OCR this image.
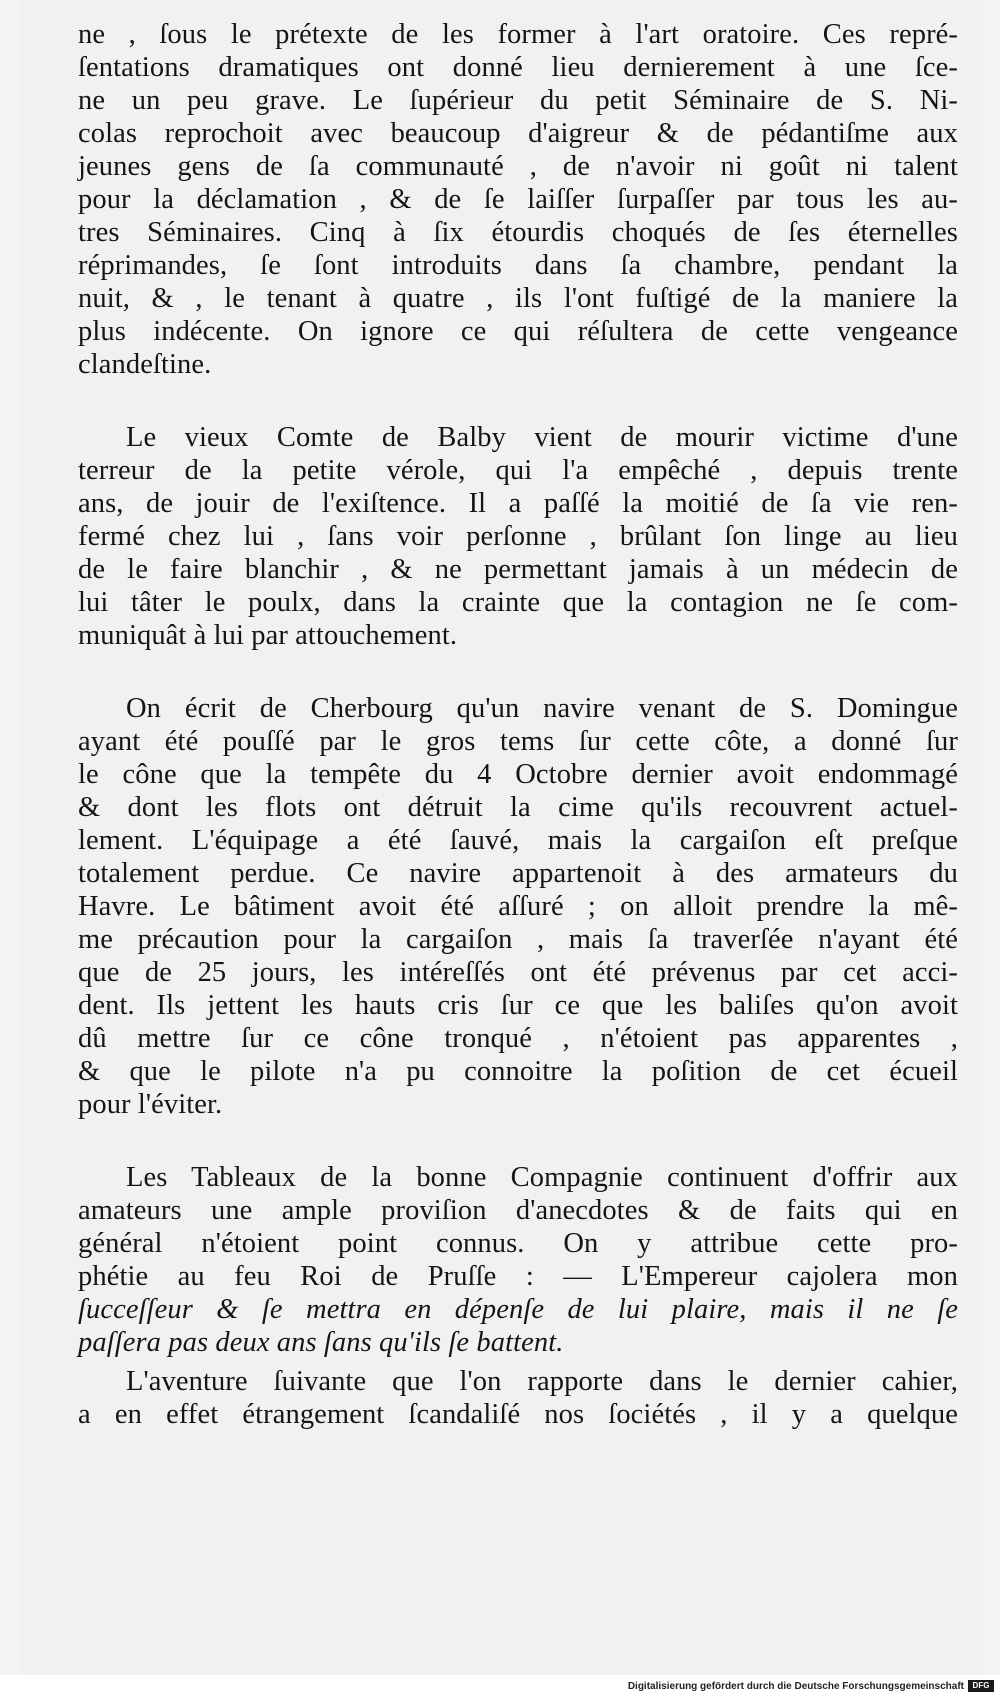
ne , ſous le prétexte de les former à l'art oratoire. Ces repré-
ſentations dramatiques ont donné lieu dernierement à une ſce-
ne un peu grave. Le ſupérieur du petit Séminaire de S. Ni-
colas reprochoit avec beaucoup d'aigreur & de pédantiſme aux
jeunes gens de ſa communauté , de n'avoir ni goût ni talent
pour la déclamation , & de ſe laiſſer ſurpaſſer par tous les au-
tres Séminaires. Cinq à ſix étourdis choqués de ſes éternelles
réprimandes, ſe ſont introduits dans ſa chambre, pendant la
nuit, & , le tenant à quatre , ils l'ont fuſtigé de la maniere la
plus indécente. On ignore ce qui réſultera de cette vengeance
clandeſtine.
Le vieux Comte de Balby vient de mourir victime d'une
terreur de la petite vérole, qui l'a empêché , depuis trente
ans, de jouir de l'exiſtence. Il a paſſé la moitié de ſa vie ren-
fermé chez lui , ſans voir perſonne , brûlant ſon linge au lieu
de le faire blanchir , & ne permettant jamais à un médecin de
lui tâter le poulx, dans la crainte que la contagion ne ſe com-
muniquât à lui par attouchement.
On écrit de Cherbourg qu'un navire venant de S. Domingue
ayant été pouſſé par le gros tems ſur cette côte, a donné ſur
le cône que la tempête du 4 Octobre dernier avoit endommagé
& dont les flots ont détruit la cime qu'ils recouvrent actuel-
lement. L'équipage a été ſauvé, mais la cargaiſon eſt preſque
totalement perdue. Ce navire appartenoit à des armateurs du
Havre. Le bâtiment avoit été aſſuré ; on alloit prendre la mê-
me précaution pour la cargaiſon , mais ſa traverſée n'ayant été
que de 25 jours, les intéreſſés ont été prévenus par cet acci-
dent. Ils jettent les hauts cris ſur ce que les baliſes qu'on avoit
dû mettre ſur ce cône tronqué , n'étoient pas apparentes ,
& que le pilote n'a pu connoitre la poſition de cet écueil
pour l'éviter.
Les Tableaux de la bonne Compagnie continuent d'offrir aux
amateurs une ample proviſion d'anecdotes & de faits qui en
général n'étoient point connus. On y attribue cette pro-
phétie au feu Roi de Pruſſe : — L'Empereur cajolera mon
ſucceſſeur & ſe mettra en dépenſe de lui plaire, mais il ne ſe
paſſera pas deux ans ſans qu'ils ſe battent.
L'aventure ſuivante que l'on rapporte dans le dernier cahier,
a en effet étrangement ſcandaliſé nos ſociétés , il y a quelque
Digitalisierung gefördert durch die Deutsche Forschungsgemeinschaft	DFG
